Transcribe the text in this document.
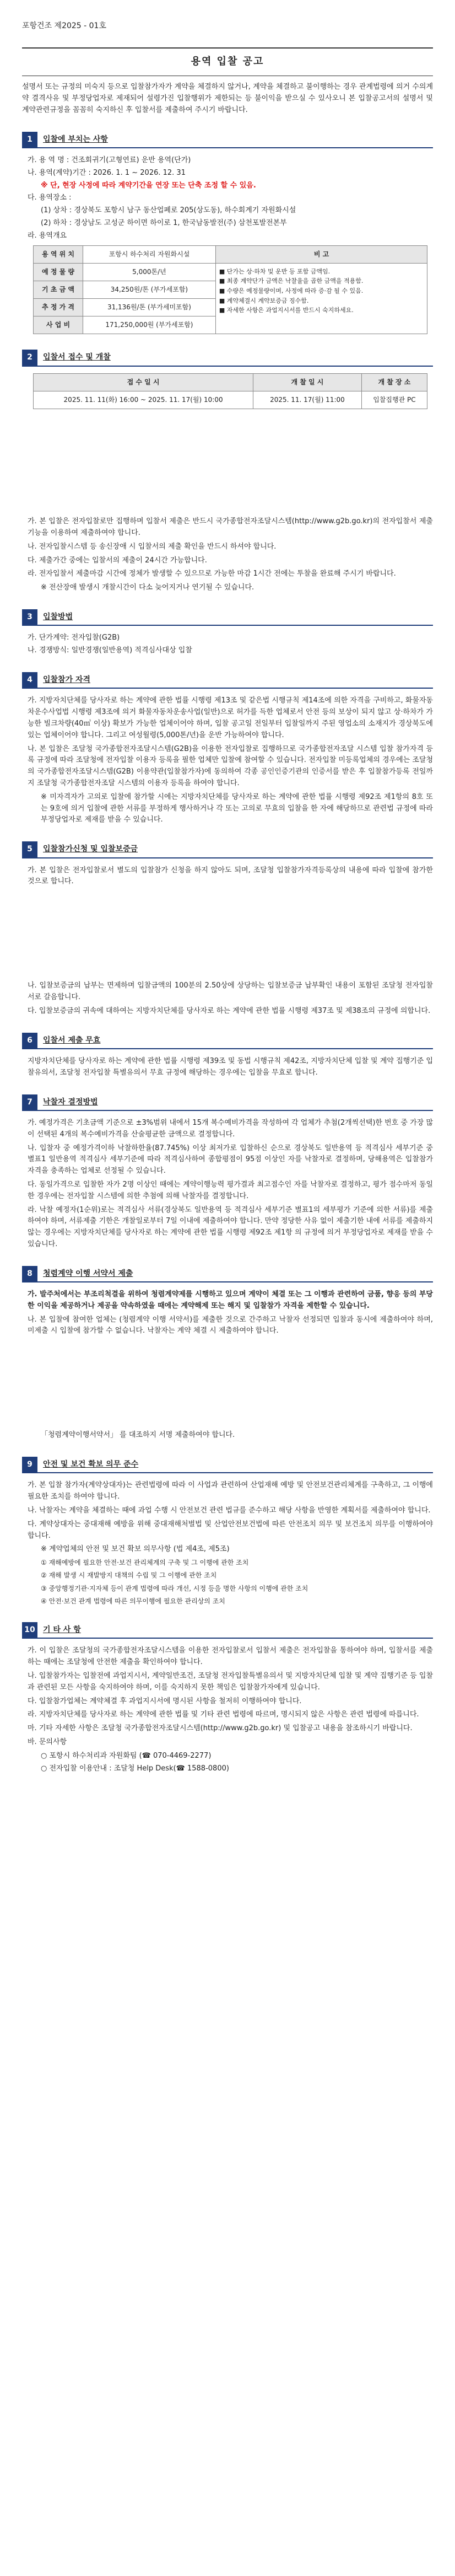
포항건조 제2025 - 01호
용역 입찰 공고
설명서 또는 규정의 미숙지 등으로 입찰참가자가 계약을 체결하지 않거나, 계약을 체결하고 불이행하는 경우 관계법령에 의거 수의계약 결격사유 및 부정당업자로 제재되어 설령가진 입찰행위가 제한되는 등 불이익을 받으실 수 있사오니 본 입찰공고서의 설명서 및 계약관련규정을 꼼꼼히 숙지하신 후 입찰서를 제출하여 주시기 바랍니다.
1	입찰에 부치는 사항
가. 용 역 명 : 건조회귀기(고형연료) 운반 용역(단가)
나. 용역(계약)기간 : 2026. 1. 1 ~ 2026. 12. 31
※ 단, 현장 사정에 따라 계약기간을 연장 또는 단축 조정 할 수 있음.
다. 용역장소 :
(1) 상차 : 경상북도 포항시 남구 동산업폐로 205(상도동), 하수회계기 자원화시설
(2) 하차 : 경상남도 고성군 하이면 하이로 1, 한국남동발전(주) 삼천포발전본부
라. 용역개요
용 역 위 치	포항시 하수처리 자원화시설	비 고
예 정 물 량	5,000톤/년	■ 단가는 상·하차 및 운반 등 포함 금액임.
■ 최종 계약단가 금액은 낙찰율을 곱한 금액을 적용함.
■ 수량은 예정물량이며, 사정에 따라 증·감 될 수 있음.
■ 계약체결시 계약보증금 징수함.
■ 자세한 사항은 과업지시서를 반드시 숙지하세요.

기 초 금 액	34,250원/톤 (부가세포함)	
추 정 가 격	31,136원/톤 (부가세미포함)	
사 업 비	171,250,000원 (부가세포함)	
2	입찰서 접수 및 개찰
접 수 일 시	개 찰 일 시	개 찰 장 소
2025. 11. 11(화) 16:00 ~ 2025. 11. 17(월) 10:00	2025. 11. 17(월) 11:00	입찰집행관 PC
가. 본 입찰은 전자입찰로만 집행하며 입찰서 제출은 반드시 국가종합전자조달시스템(http://www.g2b.go.kr)의 전자입찰서 제출기능을 이용하여 제출하여야 합니다.
나. 전자입찰시스템 등 송신장애 시 입찰서의 제출 확인을 반드시 하셔야 합니다.
다. 제출가간 중에는 입찰서의 제출이 24시간 가능합니다.
라. 전자입찰서 제출마감 시간에 정체가 발생할 수 있으므로 가능한 마감 1시간 전에는 투찰을 완료해 주시기 바랍니다.
※ 전산장애 발생시 개찰시간이 다소 늦어지거나 연기될 수 있습니다.
3	입찰방법
가. 단가계약: 전자입찰(G2B)
나. 경쟁방식: 일반경쟁(일반용역) 적격심사대상 입찰
4	입찰참가 자격
가. 지방자치단체를 당사자로 하는 계약에 관한 법률 시행령 제13조 및 같은법 시행규칙 제14조에 의한 자격을 구비하고, 화물자동차운수사업법 시행령 제3조에 의거 화물자동차운송사업(일반)으로 허가를 득한 업체로서 안전 등의 보상이 되지 않고 상·하차가 가능한 빌크차량(40㎥ 이상) 확보가 가능한 업체이어야 하며, 입찰 공고일 전일부터 입찰일까지 주된 영업소의 소재지가 경상북도에 있는 업체이어야 합니다. 그리고 여성월령(5,000톤/년)을 운반 가능하여야 합니다.
나. 본 입찰은 조달청 국가종합전자조달시스템(G2B)을 이용한 전자입찰로 집행하므로 국가종합전자조달 시스템 입찰 참가자격 등록 규정에 따라 조달청에 전자입찰 이용자 등록을 필한 업체만 입찰에 참여할 수 있습니다. 전자입찰 미등록업체의 경우에는 조달청의 국가종합전자조달시스템(G2B) 이용약관(입찰참가자)에 동의하여 각종 공인인증기관의 인증서를 받은 후 입찰참가등록 전일까지 조달청 국가종합전자조달 시스템의 이용자 등록을 하여야 합니다.
※ 미자격자가 고의로 입찰에 참가할 시에는 지방자치단체를 당사자로 하는 계약에 관한 법률 시행령 제92조 제1항의 8호 또는 9호에 의거 입찰에 관한 서류를 부정하게 행사하거나 각 또는 고의로 무효의 입찰을 한 자에 해당하므로 관련법 규정에 따라 부정당업자로 제재를 받을 수 있습니다.
5	입찰참가신청 및 입찰보증금
가. 본 입찰은 전자입찰로서 별도의 입찰참가 신청을 하지 않아도 되며, 조달청 입찰참가자격등록상의 내용에 따라 입찰에 참가한 것으로 합니다.
나. 입찰보증금의 납부는 면제하며 입찰금액의 100분의 2.50상에 상당하는 입찰보증금 납부확인 내용이 포함된 조달청 전자입찰서로 갈음합니다.
다. 입찰보증금의 귀속에 대하여는 지방자치단체를 당사자로 하는 계약에 관한 법률 시행령 제37조 및 제38조의 규정에 의합니다.
6	입찰서 제출 무효
지방자치단체를 당사자로 하는 계약에 관한 법률 시행령 제39조 및 동법 시행규칙 제42조, 지방자치단체 입찰 및 계약 집행기준 입찰유의서, 조달청 전자입찰 특별유의서 무효 규정에 해당하는 경우에는 입찰을 무효로 합니다.
7	낙찰자 결정방법
가. 예정가격은 기초금액 기준으로 ±3%범위 내에서 15개 복수예비가격을 작성하여 각 업체가 추첨(2개씩선택)한 번호 중 가장 많이 선택된 4개의 복수예비가격을 산술평균한 금액으로 결정합니다.
나. 입찰자 중 예정가격이하 낙찰하한율(87.745%) 이상 최저가로 입찰하신 순으로 경상북도 일반용역 등 적격심사 세부기준 중 별표1 일반용역 적격심사 세부기준에 따라 적격심사하여 종합평점이 95점 이상인 자를 낙찰자로 결정하며, 당해용역은 입찰참가 자격을 충족하는 업체로 선정될 수 있습니다.
다. 동일가격으로 입찰한 자가 2명 이상인 때에는 계약이행능력 평가결과 최고점수인 자를 낙찰자로 결정하고, 평가 점수마저 동일한 경우에는 전자입찰 시스템에 의한 추첨에 의해 낙찰자를 결정합니다.
라. 낙찰 예정자(1순위)로는 적격심사 서류(경상북도 일반용역 등 적격심사 세부기준 별표1의 세부평가 기준에 의한 서류)를 제출하여야 하며, 서류제출 기한은 개찰일로부터 7일 이내에 제출하여야 합니다. 만약 정당한 사유 없이 제출기한 내에 서류를 제출하지 않는 경우에는 지방자치단체를 당사자로 하는 계약에 관한 법률 시행령 제92조 제1항 의 규정에 의거 부정당업자로 제재를 받을 수 있습니다.
8	청렴계약 이행 서약서 제출
가. 발주처에서는 부조리척결을 위하여 청렴계약제를 시행하고 있으며 계약이 체결 또는 그 이행과 관련하여 금품, 향응 등의 부당한 이익을 제공하거나 제공을 약속하였을 때에는 계약해제 또는 해지 및 입찰참가 자격을 제한할 수 있습니다.
나. 본 입찰에 참여한 업체는 (청렴계약 이행 서약서)를 제출한 것으로 간주하고 낙찰자 선정되면 입찰과 동시에 제출하여야 하며, 미제출 시 입찰에 참가할 수 없습니다. 낙찰자는 계약 체결 시 제출하여야 합니다.
「청렴계약이행서약서」 를 대조하지 서명 제출하여야 합니다.
9	안전 및 보건 확보 의무 준수
가. 본 입찰 참가자(계약상대자)는 관련법령에 따라 이 사업과 관련하여 산업재해 예방 및 안전보건관리체계를 구축하고, 그 이행에 필요한 조치를 하여야 합니다.
나. 낙찰자는 계약을 체결하는 때에 과업 수행 시 안전보건 관련 법규를 준수하고 해당 사항을 반영한 계획서를 제출하여야 합니다.
다. 계약상대자는 중대재해 예방을 위해 중대재해처벌법 및 산업안전보건법에 따른 안전조치 의무 및 보건조치 의무를 이행하여야 합니다.
※ 계약업체의 안전 및 보건 확보 의무사항 (법 제4조, 제5조)
① 재해예방에 필요한 안전·보건 관리체계의 구축 및 그 이행에 관한 조치
② 재해 발생 시 재발방지 대책의 수립 및 그 이행에 관한 조치
③ 중앙행정기관·지자체 등이 관계 법령에 따라 개선, 시정 등을 명한 사항의 이행에 관한 조치
④ 안전·보건 관계 법령에 따른 의무이행에 필요한 관리상의 조치
10	기 타 사 항
가. 이 입찰은 조달청의 국가종합전자조달시스템을 이용한 전자입찰로서 입찰서 제출은 전자입찰을 통하여야 하며, 입찰서를 제출하는 때에는 조달청에 안전한 제출을 확인하여야 합니다.
나. 입찰참가자는 입찰전에 과업지시서, 계약일반조건, 조달청 전자입찰특별유의서 및 지방자치단체 입찰 및 계약 집행기준 등 입찰과 관련된 모든 사항을 숙지하여야 하며, 이를 숙지하지 못한 책임은 입찰참가자에게 있습니다.
다. 입찰참가업체는 계약체결 후 과업지시서에 명시된 사항을 철저히 이행하여야 합니다.
라. 지방자치단체를 당사자로 하는 계약에 관한 법률 및 기타 관련 법령에 따르며, 명시되지 않은 사항은 관련 법령에 따릅니다.
마. 기타 자세한 사항은 조달청 국가종합전자조달시스템(http://www.g2b.go.kr) 및 입찰공고 내용을 참조하시기 바랍니다.
바. 문의사항
○ 포항시 하수처리과 자원화팀 (☎ 070-4469-2277)
○ 전자입찰 이용안내 : 조달청 Help Desk(☎ 1588-0800)
